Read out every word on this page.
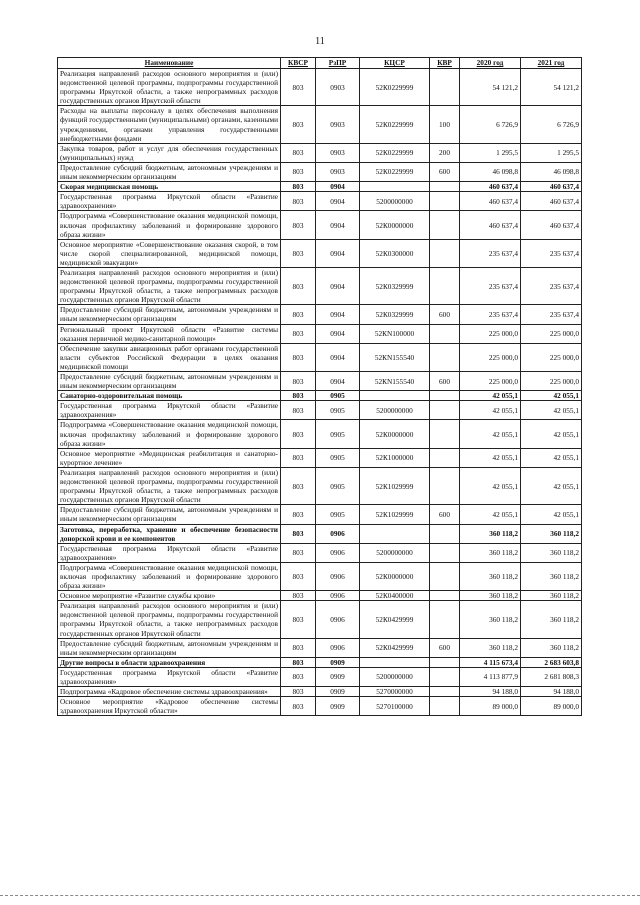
11
Наименование	КВСР	РзПР	КЦСР	КВР	2020 год	2021 год
Реализация направлений расходов основного мероприятия и (или) ведомственной целевой программы, подпрограммы государственной программы Иркутской области, а также непрограммных расходов государственных органов Иркутской области	803	0903	52К0229999		54 121,2	54 121,2
Расходы на выплаты персоналу в целях обеспечения выполнения функций государственными (муниципальными) органами, казенными учреждениями, органами управления государственными внебюджетными фондами	803	0903	52К0229999	100	6 726,9	6 726,9
Закупка товаров, работ и услуг для обеспечения государственных (муниципальных) нужд	803	0903	52К0229999	200	1 295,5	1 295,5
Предоставление субсидий бюджетным, автономным учреждениям и иным некоммерческим организациям	803	0903	52К0229999	600	46 098,8	46 098,8
Скорая медицинская помощь	803	0904			460 637,4	460 637,4
Государственная программа Иркутской области «Развитие здравоохранения»	803	0904	5200000000		460 637,4	460 637,4
Подпрограмма «Совершенствование оказания медицинской помощи, включая профилактику заболеваний и формирование здорового образа жизни»	803	0904	52К0000000		460 637,4	460 637,4
Основное мероприятие «Совершенствование оказания скорой, в том числе скорой специализированной, медицинской помощи, медицинской эвакуации»	803	0904	52К0300000		235 637,4	235 637,4
Реализация направлений расходов основного мероприятия и (или) ведомственной целевой программы, подпрограммы государственной программы Иркутской области, а также непрограммных расходов государственных органов Иркутской области	803	0904	52К0329999		235 637,4	235 637,4
Предоставление субсидий бюджетным, автономным учреждениям и иным некоммерческим организациям	803	0904	52К0329999	600	235 637,4	235 637,4
Региональный проект Иркутской области «Развитие системы оказания первичной медико-санитарной помощи»	803	0904	52КN100000		225 000,0	225 000,0
Обеспечение закупки авиационных работ органами государственной власти субъектов Российской Федерации в целях оказания медицинской помощи	803	0904	52КN155540		225 000,0	225 000,0
Предоставление субсидий бюджетным, автономным учреждениям и иным некоммерческим организациям	803	0904	52КN155540	600	225 000,0	225 000,0
Санаторно-оздоровительная помощь	803	0905			42 055,1	42 055,1
Государственная программа Иркутской области «Развитие здравоохранения»	803	0905	5200000000		42 055,1	42 055,1
Подпрограмма «Совершенствование оказания медицинской помощи, включая профилактику заболеваний и формирование здорового образа жизни»	803	0905	52К0000000		42 055,1	42 055,1
Основное мероприятие «Медицинская реабилитация и санаторно-курортное лечение»	803	0905	52К1000000		42 055,1	42 055,1
Реализация направлений расходов основного мероприятия и (или) ведомственной целевой программы, подпрограммы государственной программы Иркутской области, а также непрограммных расходов государственных органов Иркутской области	803	0905	52К1029999		42 055,1	42 055,1
Предоставление субсидий бюджетным, автономным учреждениям и иным некоммерческим организациям	803	0905	52К1029999	600	42 055,1	42 055,1
Заготовка, переработка, хранение и обеспечение безопасности донорской крови и ее компонентов	803	0906			360 118,2	360 118,2
Государственная программа Иркутской области «Развитие здравоохранения»	803	0906	5200000000		360 118,2	360 118,2
Подпрограмма «Совершенствование оказания медицинской помощи, включая профилактику заболеваний и формирование здорового образа жизни»	803	0906	52К0000000		360 118,2	360 118,2
Основное мероприятие «Развитие службы крови»	803	0906	52К0400000		360 118,2	360 118,2
Реализация направлений расходов основного мероприятия и (или) ведомственной целевой программы, подпрограммы государственной программы Иркутской области, а также непрограммных расходов государственных органов Иркутской области	803	0906	52К0429999		360 118,2	360 118,2
Предоставление субсидий бюджетным, автономным учреждениям и иным некоммерческим организациям	803	0906	52К0429999	600	360 118,2	360 118,2
Другие вопросы в области здравоохранения	803	0909			4 115 673,4	2 683 603,8
Государственная программа Иркутской области «Развитие здравоохранения»	803	0909	5200000000		4 113 877,9	2 681 808,3
Подпрограмма «Кадровое обеспечение системы здравоохранения»	803	0909	5270000000		94 188,0	94 188,0
Основное мероприятие «Кадровое обеспечение системы здравоохранения Иркутской области»	803	0909	5270100000		89 000,0	89 000,0
